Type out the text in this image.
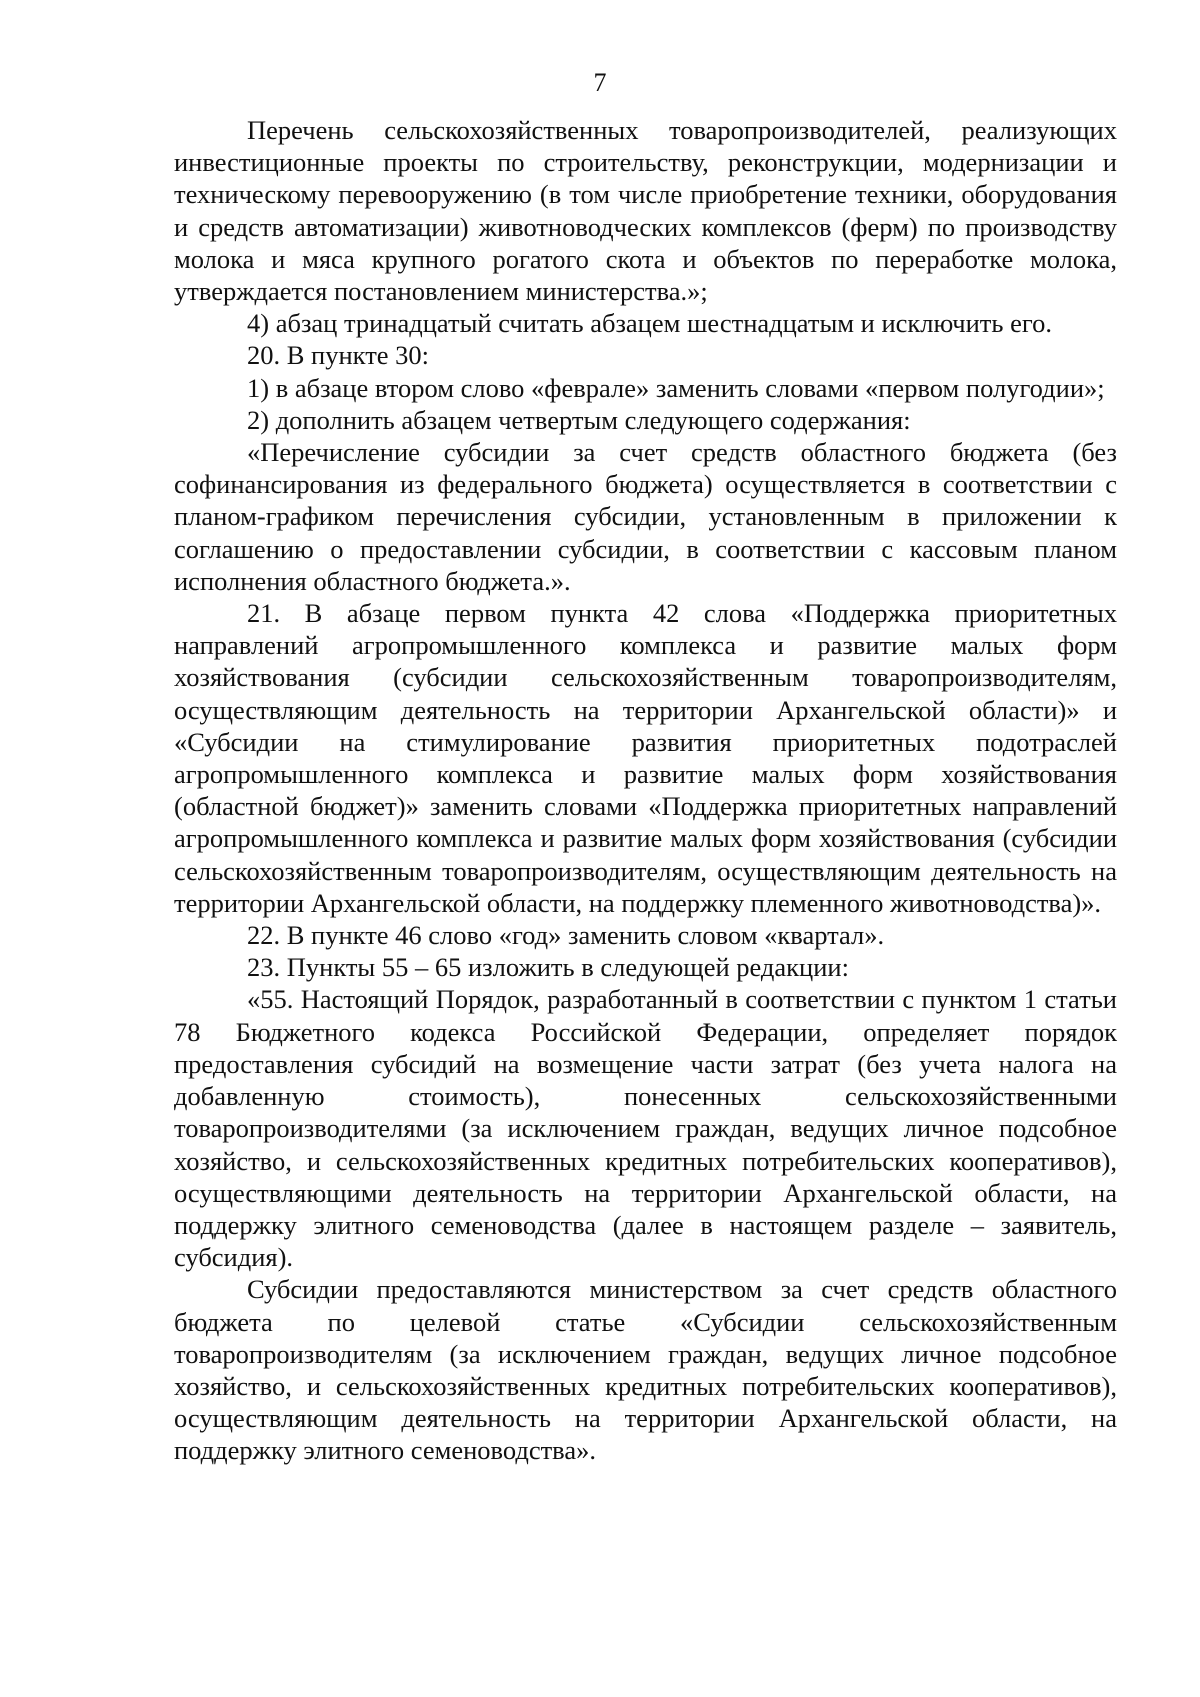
7

Перечень сельскохозяйственных товаропроизводителей, реализующих инвестиционные проекты по строительству, реконструкции, модернизации и техническому перевооружению (в том числе приобретение техники, оборудования и средств автоматизации) животноводческих комплексов (ферм) по производству молока и мяса крупного рогатого скота и объектов по переработке молока, утверждается постановлением министерства.»;

4) абзац тринадцатый считать абзацем шестнадцатым и исключить его.

20. В пункте 30:

1) в абзаце втором слово «феврале» заменить словами «первом полугодии»;

2) дополнить абзацем четвертым следующего содержания:

«Перечисление субсидии за счет средств областного бюджета (без софинансирования из федерального бюджета) осуществляется в соответствии с планом-графиком перечисления субсидии, установленным в приложении к соглашению о предоставлении субсидии, в соответствии с кассовым планом исполнения областного бюджета.».

21. В абзаце первом пункта 42 слова «Поддержка приоритетных направлений агропромышленного комплекса и развитие малых форм хозяйствования (субсидии сельскохозяйственным товаропроизводителям, осуществляющим деятельность на территории Архангельской области)» и «Субсидии на стимулирование развития приоритетных подотраслей агропромышленного комплекса и развитие малых форм хозяйствования (областной бюджет)» заменить словами «Поддержка приоритетных направлений агропромышленного комплекса и развитие малых форм хозяйствования (субсидии сельскохозяйственным товаропроизводителям, осуществляющим деятельность на территории Архангельской области, на поддержку племенного животноводства)».

22. В пункте 46 слово «год» заменить словом «квартал».

23. Пункты 55 – 65 изложить в следующей редакции:

«55. Настоящий Порядок, разработанный в соответствии с пунктом 1 статьи 78 Бюджетного кодекса Российской Федерации, определяет порядок предоставления субсидий на возмещение части затрат (без учета налога на добавленную стоимость), понесенных сельскохозяйственными товаропроизводителями (за исключением граждан, ведущих личное подсобное хозяйство, и сельскохозяйственных кредитных потребительских кооперативов), осуществляющими деятельность на территории Архангельской области, на поддержку элитного семеноводства (далее в настоящем разделе – заявитель, субсидия).

Субсидии предоставляются министерством за счет средств областного бюджета по целевой статье «Субсидии сельскохозяйственным товаропроизводителям (за исключением граждан, ведущих личное подсобное хозяйство, и сельскохозяйственных кредитных потребительских кооперативов), осуществляющим деятельность на территории Архангельской области, на поддержку элитного семеноводства».
